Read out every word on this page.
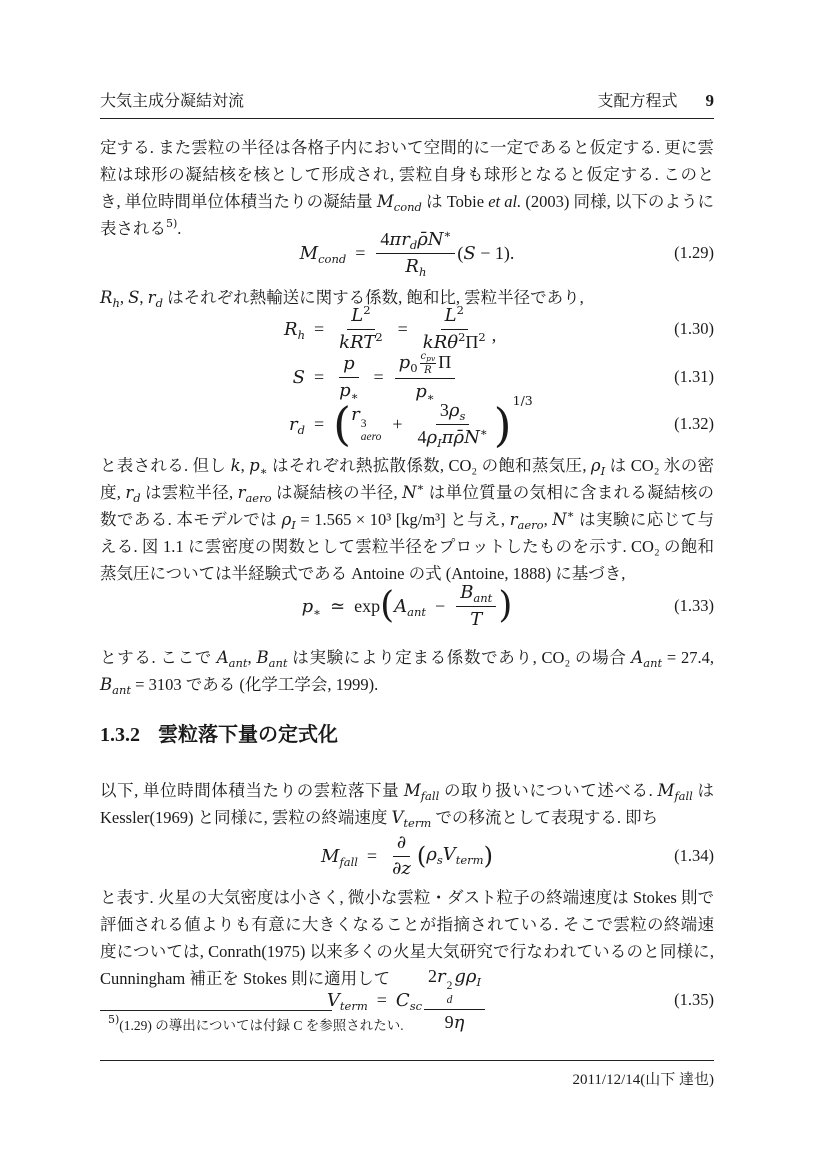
大気主成分凝結対流	支配方程式 9

定する. また雲粒の半径は各格子内において空間的に一定であると仮定する. 更に雲粒は球形の凝結核を核として形成され, 雲粒自身も球形となると仮定する. このとき, 単位時間単位体積当たりの凝結量 $M_{cond}$ は Tobie et al. (2003) 同様, 以下のように表される$^{5)}$.

$M_{cond} = \frac{4\pi r_d\rhōN^∗}{R_h} (S - 1)$.	(1.29)

$R_h$, S, $r_d$ はそれぞれ熱輸送に関する係数, 飽和比, 雲粒半径であり,

$R_h = \frac{L^2}{kRT^2} = \frac{L^2}{kR\theta^2\Pi^2}$ ,	(1.30)
$S = \frac{p}{p_∗} = p_0$
$c_{pv}$
R Π
$p_∗$	(1.31)
$r_d$ = ( r 3
aero
+ $\frac{3\rho_s}{4\rho_I\pi\rhōN^∗} )^{1/3}$
(1.32)

と表される. 但し k, $p_∗$ はそれぞれ熱拡散係数, CO₂ の飽和蒸気圧, $\rho_I$ は CO₂ 氷の密度, $r_d$ は雲粒半径, $r_{aero}$ は凝結核の半径, N∗ は単位質量の気相に含まれる凝結核の数である. 本モデルでは $\rho_I = 1.565 \times 10^3$ [kg/m³] と与え, $r_{aero}$, N∗ は実験に応じて与える. 図 1.1 に雲密度の関数として雲粒半径をプロットしたものを示す. CO₂ の飽和蒸気圧については半経験式である Antoine の式 (Antoine, 1888) に基づき,

$p_∗$ ≃ exp ( $A_{ant} - \frac{B_{ant}}{T}$ )	(1.33)

とする. ここで $A_{ant}$, $B_{ant}$ は実験により定まる係数であり, CO₂ の場合 $A_{ant} = 27.4$, $B_{ant} = 3103$ である (化学工学会, 1999).

1.3.2 雲粒落下量の定式化

以下, 単位時間体積当たりの雲粒落下量 $M_{fall}$ の取り扱いについて述べる. $M_{fall}$ は Kessler(1969) と同様に, 雲粒の終端速度 $V_{term}$ での移流として表現する. 即ち

$M_{fall} = \frac{\partial}{\partial z} (\rho_sV_{term})$	(1.34)

と表す. 火星の大気密度は小さく, 微小な雲粒・ダスト粒子の終端速度は Stokes 則で評価される値よりも有意に大きくなることが指摘されている. そこで雲粒の終端速度については, Conrath(1975) 以来多くの火星大気研究で行なわれているのと同様に, Cunningham 補正を Stokes 則に適用して

$V_{term} = C_{sc}$ 2r 2
d
$g\rho_I$
9η	(1.35)

$^{5)}$(1.29) の導出については付録 C を参照されたい.

2011/12/14(山下 達也)
